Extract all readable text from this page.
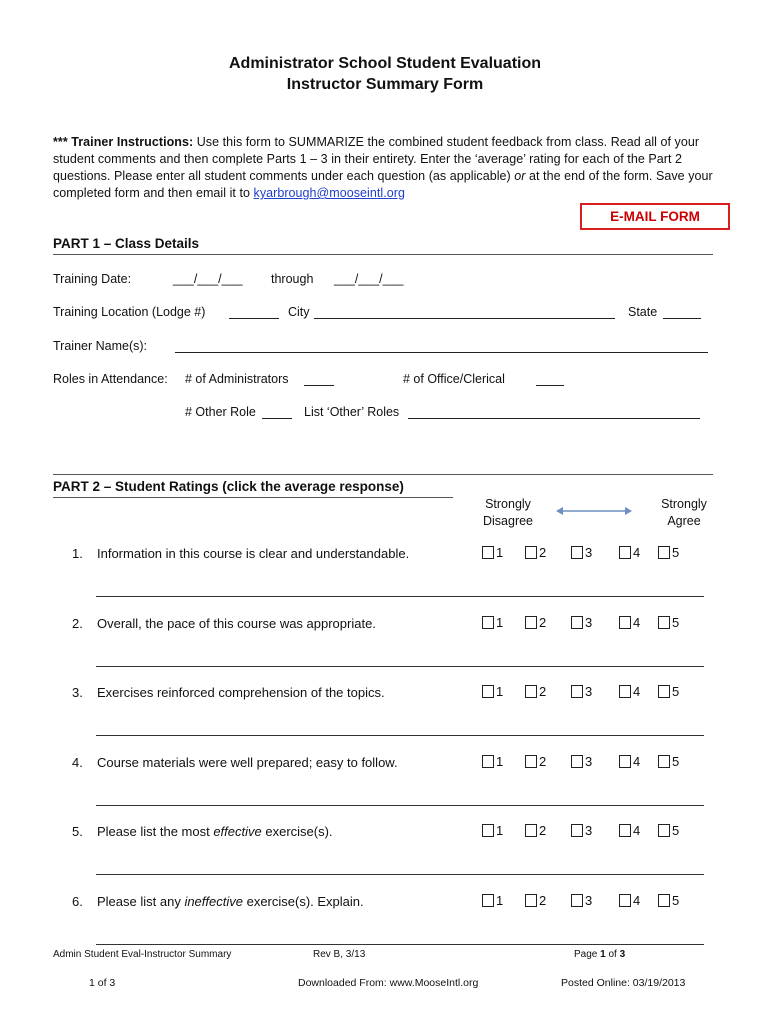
Administrator School Student Evaluation
Instructor Summary Form
*** Trainer Instructions: Use this form to SUMMARIZE the combined student feedback from class. Read all of your student comments and then complete Parts 1 – 3 in their entirety. Enter the ‘average’ rating for each of the Part 2 questions. Please enter all student comments under each question (as applicable) or at the end of the form. Save your completed form and then email it to kyarbrough@mooseintl.org
E-MAIL FORM
PART 1 – Class Details
Training Date:	___/___/___ through ___/___/___
Training Location (Lodge #)	City	State
Trainer Name(s):
Roles in Attendance: # of Administrators	# of Office/Clerical
# Other Role	List ‘Other’ Roles
PART 2 – Student Ratings (click the average response)
Strongly
Disagree
Strongly
Agree
1. Information in this course is clear and understandable.	1	2	3	4 5
2. Overall, the pace of this course was appropriate.	1	2	3	4 5
3. Exercises reinforced comprehension of the topics.	1	2	3	4 5
4. Course materials were well prepared; easy to follow.	1	2	3	4 5
5. Please list the most effective exercise(s).	1	2	3	4 5
6. Please list any ineffective exercise(s). Explain.	1	2	3	4 5
Admin Student Eval-Instructor Summary	Rev B, 3/13	Page 1 of 3
1 of 3	Downloaded From: www.MooseIntl.org	Posted Online: 03/19/2013
